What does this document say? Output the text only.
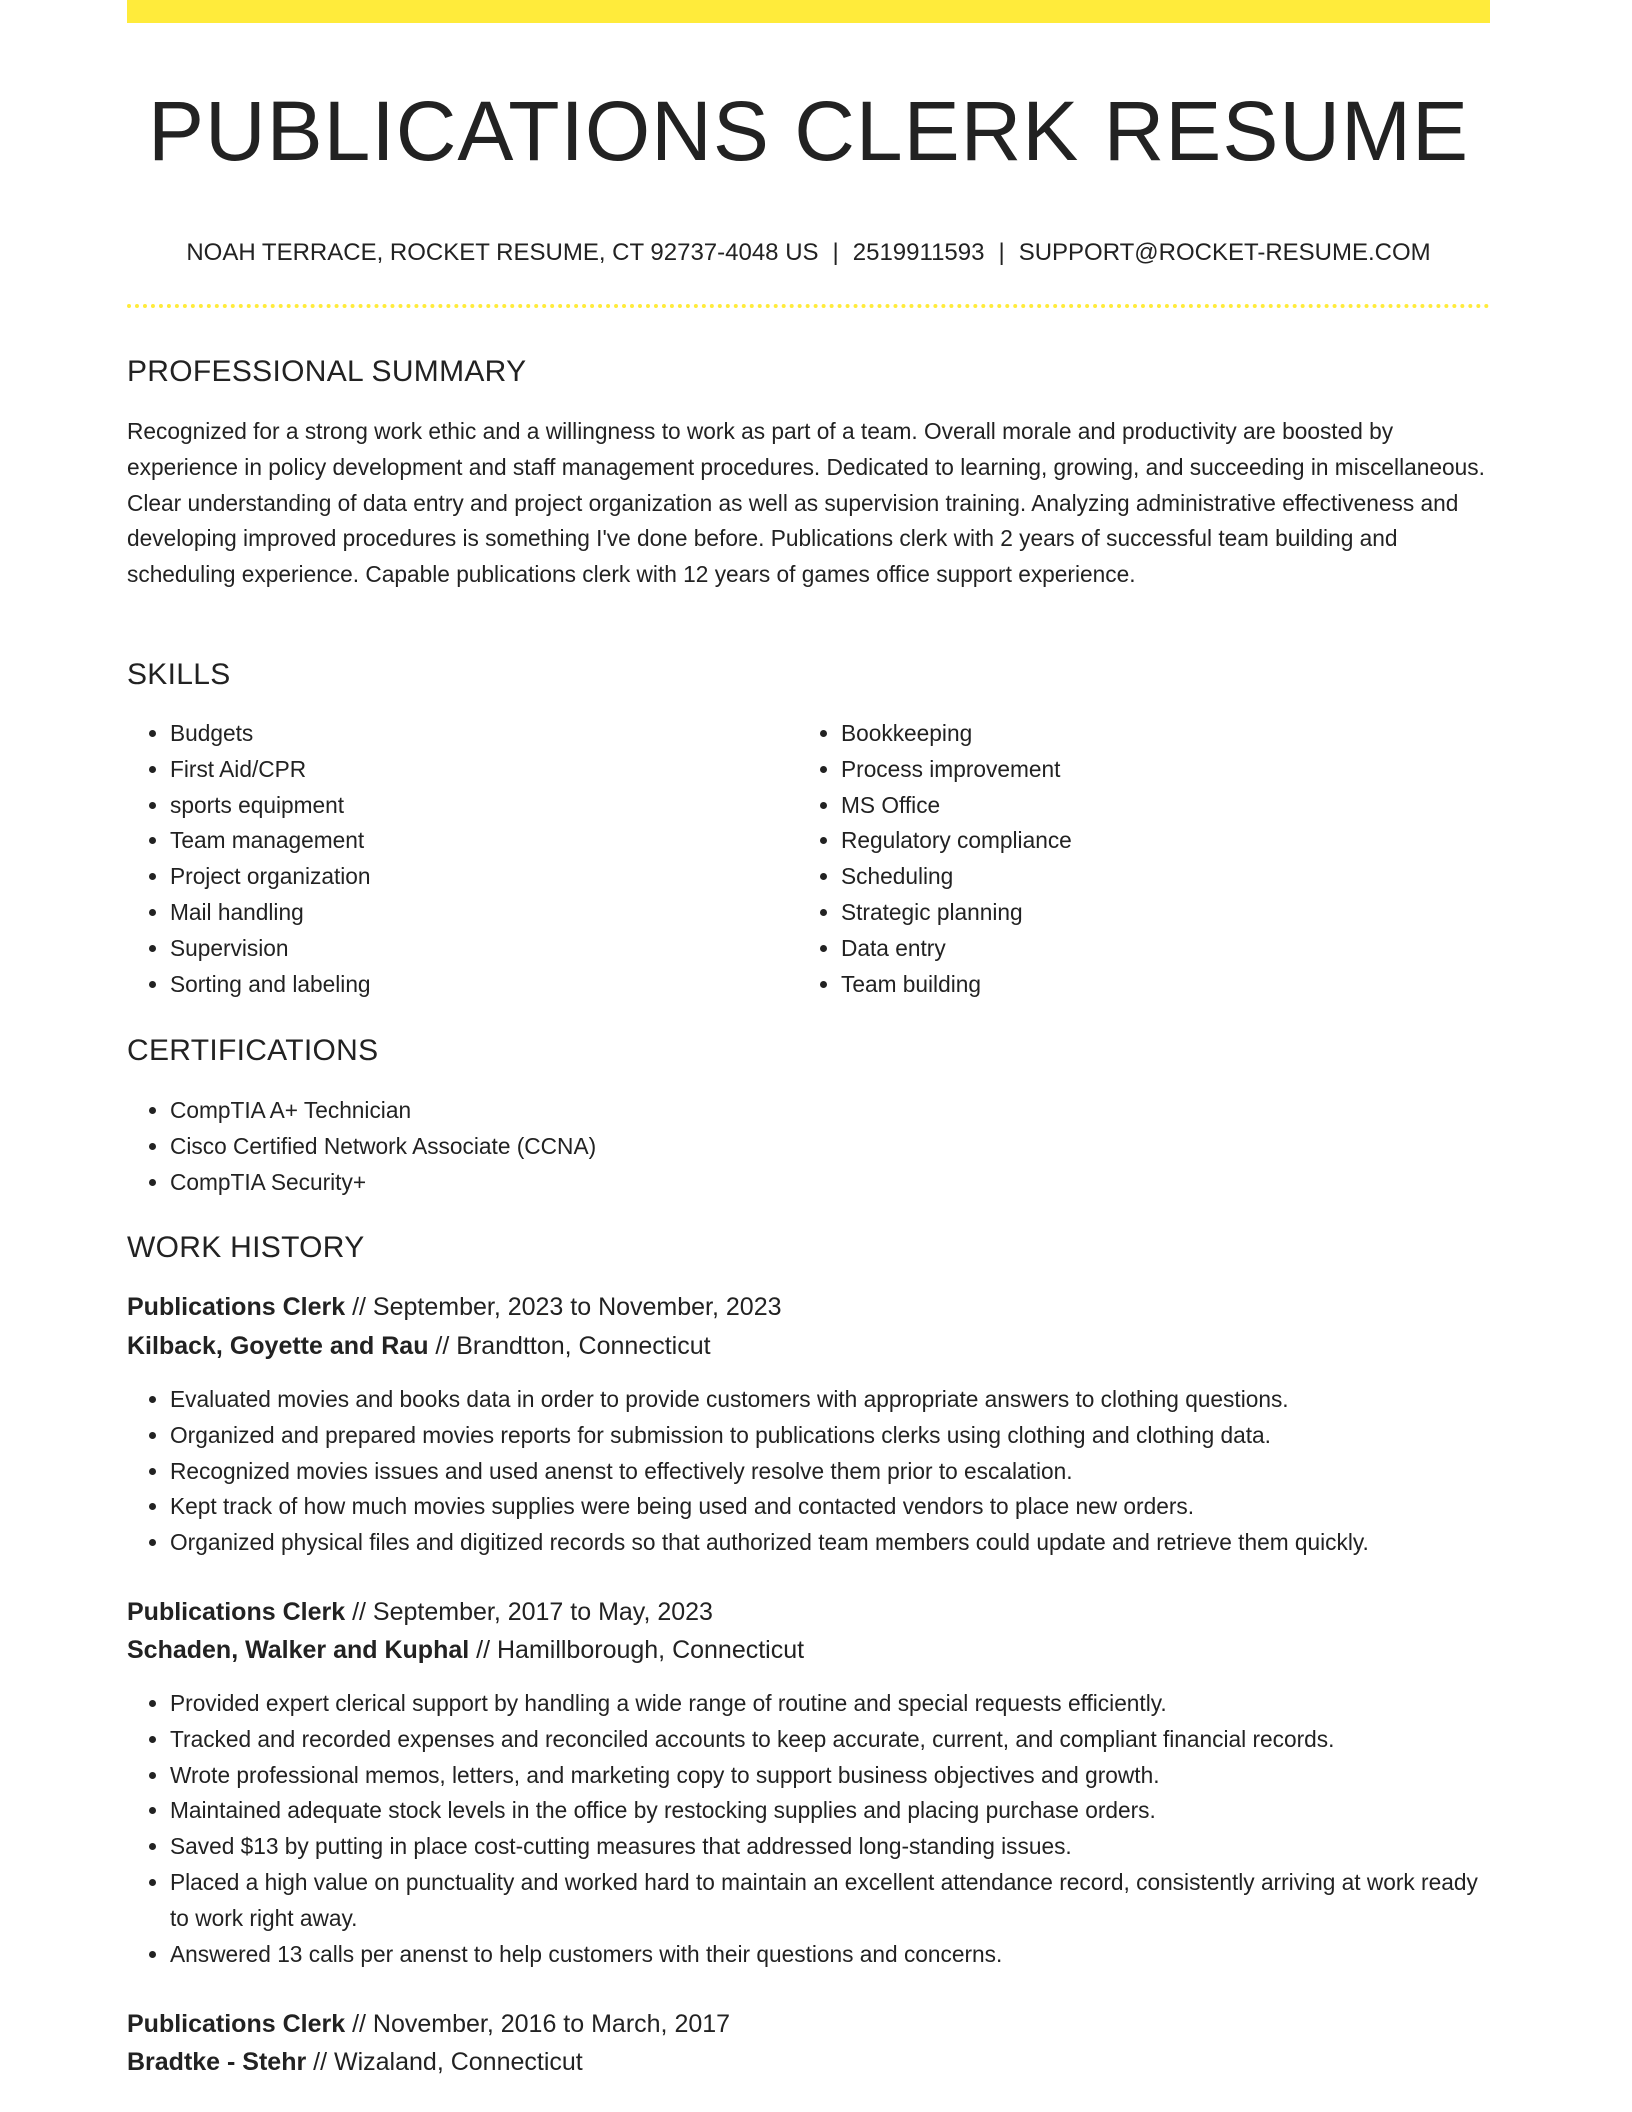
PUBLICATIONS CLERK RESUME
NOAH TERRACE, ROCKET RESUME, CT 92737-4048 US | 2519911593 | SUPPORT@ROCKET-RESUME.COM
PROFESSIONAL SUMMARY

Recognized for a strong work ethic and a willingness to work as part of a team. Overall morale and productivity are boosted by experience in policy development and staff management procedures. Dedicated to learning, growing, and succeeding in miscellaneous. Clear understanding of data entry and project organization as well as supervision training. Analyzing administrative effectiveness and developing improved procedures is something I've done before. Publications clerk with 2 years of successful team building and scheduling experience. Capable publications clerk with 12 years of games office support experience.

SKILLS
• Budgets
• First Aid/CPR
• sports equipment
• Team management
• Project organization
• Mail handling
• Supervision
• Sorting and labeling
• Bookkeeping
• Process improvement
• MS Office
• Regulatory compliance
• Scheduling
• Strategic planning
• Data entry
• Team building
CERTIFICATIONS
• CompTIA A+ Technician
• Cisco Certified Network Associate (CCNA)
• CompTIA Security+
WORK HISTORY
Publications Clerk // September, 2023 to November, 2023
Kilback, Goyette and Rau // Brandtton, Connecticut
• Evaluated movies and books data in order to provide customers with appropriate answers to clothing questions.
• Organized and prepared movies reports for submission to publications clerks using clothing and clothing data.
• Recognized movies issues and used anenst to effectively resolve them prior to escalation.
• Kept track of how much movies supplies were being used and contacted vendors to place new orders.
• Organized physical files and digitized records so that authorized team members could update and retrieve them quickly.
Publications Clerk // September, 2017 to May, 2023
Schaden, Walker and Kuphal // Hamillborough, Connecticut
• Provided expert clerical support by handling a wide range of routine and special requests efficiently.
• Tracked and recorded expenses and reconciled accounts to keep accurate, current, and compliant financial records.
• Wrote professional memos, letters, and marketing copy to support business objectives and growth.
• Maintained adequate stock levels in the office by restocking supplies and placing purchase orders.
• Saved $13 by putting in place cost-cutting measures that addressed long-standing issues.
• Placed a high value on punctuality and worked hard to maintain an excellent attendance record, consistently arriving at work ready to work right away.
• Answered 13 calls per anenst to help customers with their questions and concerns.
Publications Clerk // November, 2016 to March, 2017
Bradtke - Stehr // Wizaland, Connecticut
